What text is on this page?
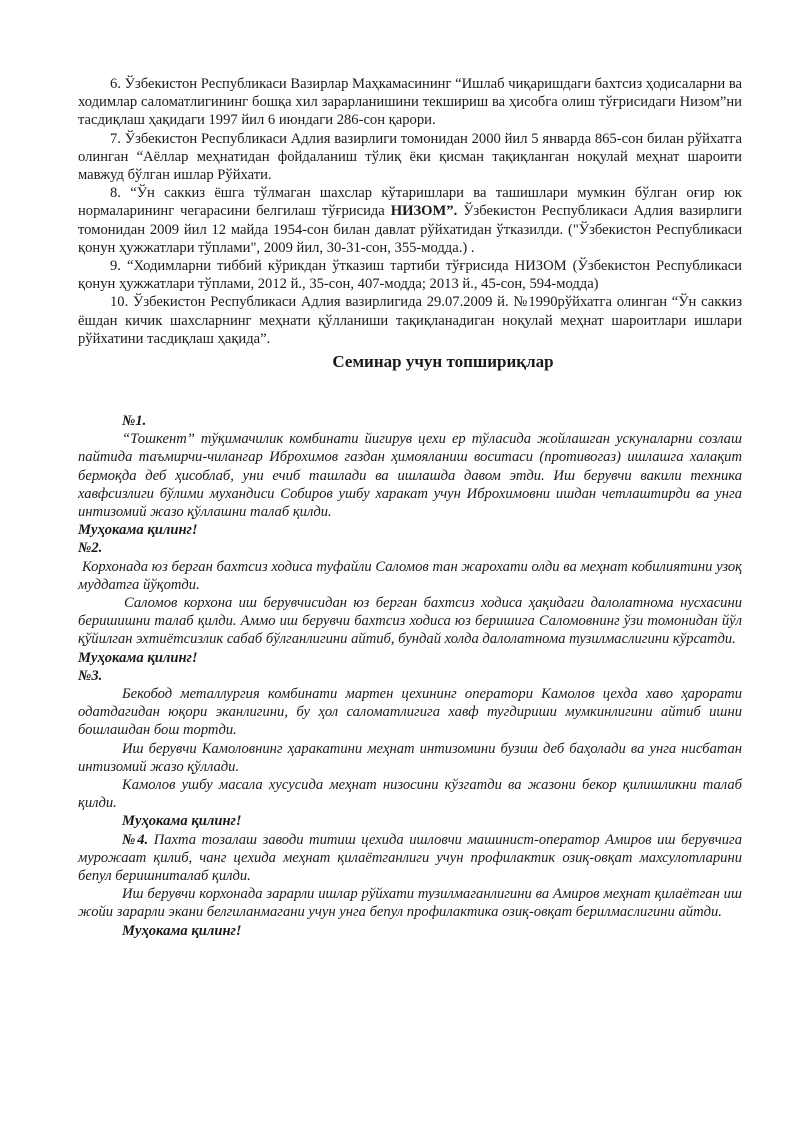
6. Ўзбекистон Республикаси Вазирлар Маҳкамасининг “Ишлаб чиқаришдаги бахтсиз ҳодисаларни ва ходимлар саломатлигининг бошқа хил зарарланишини текшириш ва ҳисобга олиш тўғрисидаги Низом”ни тасдиқлаш ҳақидаги 1997 йил 6 июндаги 286-сон қарори.

7. Ўзбекистон Республикаси Адлия вазирлиги томонидан 2000 йил 5 январда 865-сон билан рўйхатга олинган “Аёллар меҳнатидан фойдаланиш тўлиқ ёки қисман тақиқланган ноқулай меҳнат шароити мавжуд бўлган ишлар Рўйхати.

8. “Ўн саккиз ёшга тўлмаган шахслар кўтаришлари ва ташишлари мумкин бўлган оғир юк нормаларининг чегарасини белгилаш тўғрисида НИЗОМ”. Ўзбекистон Республикаси Адлия вазирлиги томонидан 2009 йил 12 майда 1954-сон билан давлат рўйхатидан ўтказилди. ("Ўзбекистон Республикаси қонун ҳужжатлари тўплами", 2009 йил, 30-31-сон, 355-модда.) .

9. “Ходимларни тиббий кўрикдан ўтказиш тартиби тўғрисида НИЗОМ (Ўзбекистон Республикаси қонун ҳужжатлари тўплами, 2012 й., 35-сон, 407-модда; 2013 й., 45-сон, 594-модда)

10. Ўзбекистон Республикаси Адлия вазирлигида 29.07.2009 й. №1990рўйхатга олинган “Ўн саккиз ёшдан кичик шахсларнинг меҳнати қўлланиши тақиқланадиган ноқулай меҳнат шароитлари ишлари рўйхатини тасдиқлаш ҳақида”.

Семинар учун топшириқлар

№1.

“Тошкент” тўқимачилик комбинати йигирув цехи ер тўласида жойлашган ускуналарни созлаш пайтида таъмирчи-чилангар Иброхимов газдан ҳимояланиш воситаси (противогаз) ишлашга халақит бермоқда деб ҳисоблаб, уни ечиб ташлади ва ишлашда давом этди. Иш берувчи вакили техника хавфсизлиги бўлими мухандиси Собиров ушбу харакат учун Иброхимовни ишдан четлаштирди ва унга интизомий жазо қўллашни талаб қилди.

Муҳокама қилинг!

№2.

Корхонада юз берган бахтсиз ходиса туфайли Саломов тан жарохати олди ва меҳнат кобилиятини узоқ муддатга йўқотди.

Саломов корхона иш берувчисидан юз берган бахтсиз ходиса ҳақидаги далолатнома нусхасини беришишни талаб қилди. Аммо иш берувчи бахтсиз ходиса юз беришига Саломовнинг ўзи томонидан йўл қўйилган эхтиётсизлик сабаб бўлганлигини айтиб, бундай холда далолатнома тузилмаслигини кўрсатди.

Муҳокама қилинг!

№3.

Бекобод металлургия комбинати мартен цехининг оператори Камолов цехда хаво ҳарорати одатдагидан юқори эканлигини, бу ҳол саломатлигига хавф тугдириши мумкинлигини айтиб ишни бошлашдан бош тортди.

Иш берувчи Камоловнинг ҳаракатини меҳнат интизомини бузиш деб баҳолади ва унга нисбатан интизомий жазо қўллади.

Камолов ушбу масала хусусида меҳнат низосини кўзгатди ва жазони бекор қилишликни талаб қилди.

Муҳокама қилинг!

№4. Пахта тозалаш заводи титиш цехида ишловчи машинист-оператор Амиров иш берувчига мурожаат қилиб, чанг цехида меҳнат қилаётганлиги учун профилактик озиқ-овқат махсулотларини бепул беришниталаб қилди.

Иш берувчи корхонада зарарли ишлар рўйхати тузилмаганлигини ва Амиров меҳнат қилаётган иш жойи зарарли экани белгиланмагани учун унга бепул профилактика озиқ-овқат берилмаслигини айтди.

Муҳокама қилинг!
